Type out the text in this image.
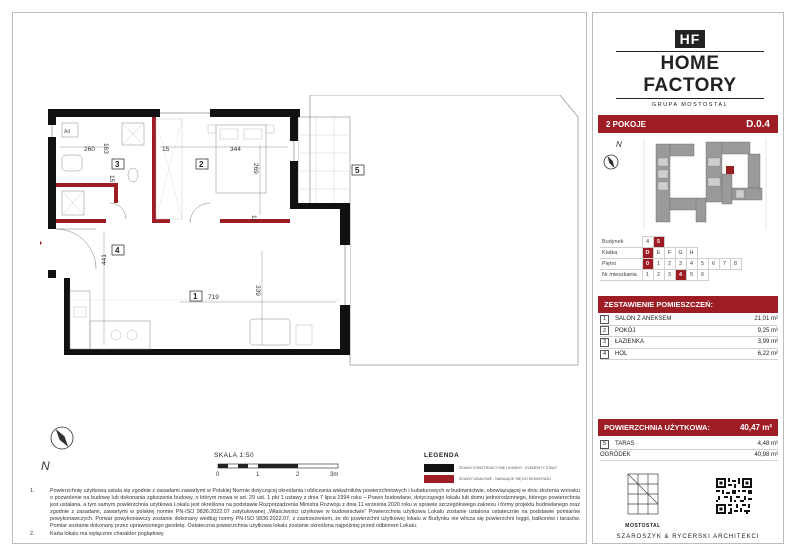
HF
HOME FACTORY
GRUPA MOSTOSTAL
2 POKOJE	D.0.4
N
Budynek	4	5							
Klatka	D	E	F	G	H				
Piętro	0	1	2	3	4	5	6	7	8
Nr mieszkania	1	2	3	4	5	6			
ZESTAWIENIE POMIESZCZEŃ:
1	SALON Z ANEKSEM	21,01 m²
2	POKÓJ	9,25 m²
3	ŁAZIENKA	3,99 m²
4	HOL	6,22 m²
POWIERZCHNIA UŻYTKOWA:	40,47 m²
5	TARAS	4,48 m²
OGRÓDEK	40,98 m²
MOSTOSTAL
SZAROSZYK & RYCERSKI ARCHITEKCI
Ad
1
2
3
4
5
260 163	15	344
269
15
11
441
719
339
N
SKALA 1:50
0	1	2	3m
LEGENDA
ŚCIANY KONSTRUKCYJNE I KOMINY - ELEMENTY STAŁE
ŚCIANY DZIAŁOWE - NADAJĄCE SIĘ DO DEMONTAŻU
1.	Powierzchnię użytkową ustala się zgodnie z zasadami zawartymi w Polskiej Normie dotyczącej określania i obliczania wskaźników powierzchniowych i kubaturowych w budownictwie, obowiązującej w dniu złożenia wniosku o pozwolenie na budowę lub dokonania zgłoszenia budowy, o którym mowa w art. 29 ust. 1 pkt 1 ustawy z dnia 7 lipca 1994 roku – Prawo budowlane, dotyczącego lokalu lub domu jednorodzinnego, którego powierzchnia jest ustalana, a tym samym powierzchnia użytkowa Lokalu jest określona na podstawie Rozporządzenia Ministra Rozwoju z dnia 11 września 2020 roku w sprawie szczegółowego zakresu i formy projektu budowlanego oraz zgodnie z zasadami, zawartymi w polskiej normie PN-ISO 9836:2022.07 zatytułowanej „Właściwości użytkowe w budownictwie” Powierzchnia użytkowa Lokalu zostanie ustalona ostatecznie na podstawie pomiarów powykonawczych. Pomiar powykonawczy zostanie dokonany według normy PN-ISO 9836:2022.07, z zastrzeżeniem, że do powierzchni użytkowej lokalu w Budynku nie wlicza się powierzchni loggii, balkonów i tarasów. Pomiar zostanie dokonany przez uprawnionego geodetę. Ostateczna powierzchnia użytkowa lokalu zostanie określona najpóźniej przed odbiorem Lokalu.
2.	Karta lokalu ma wyłącznie charakter poglądowy.
